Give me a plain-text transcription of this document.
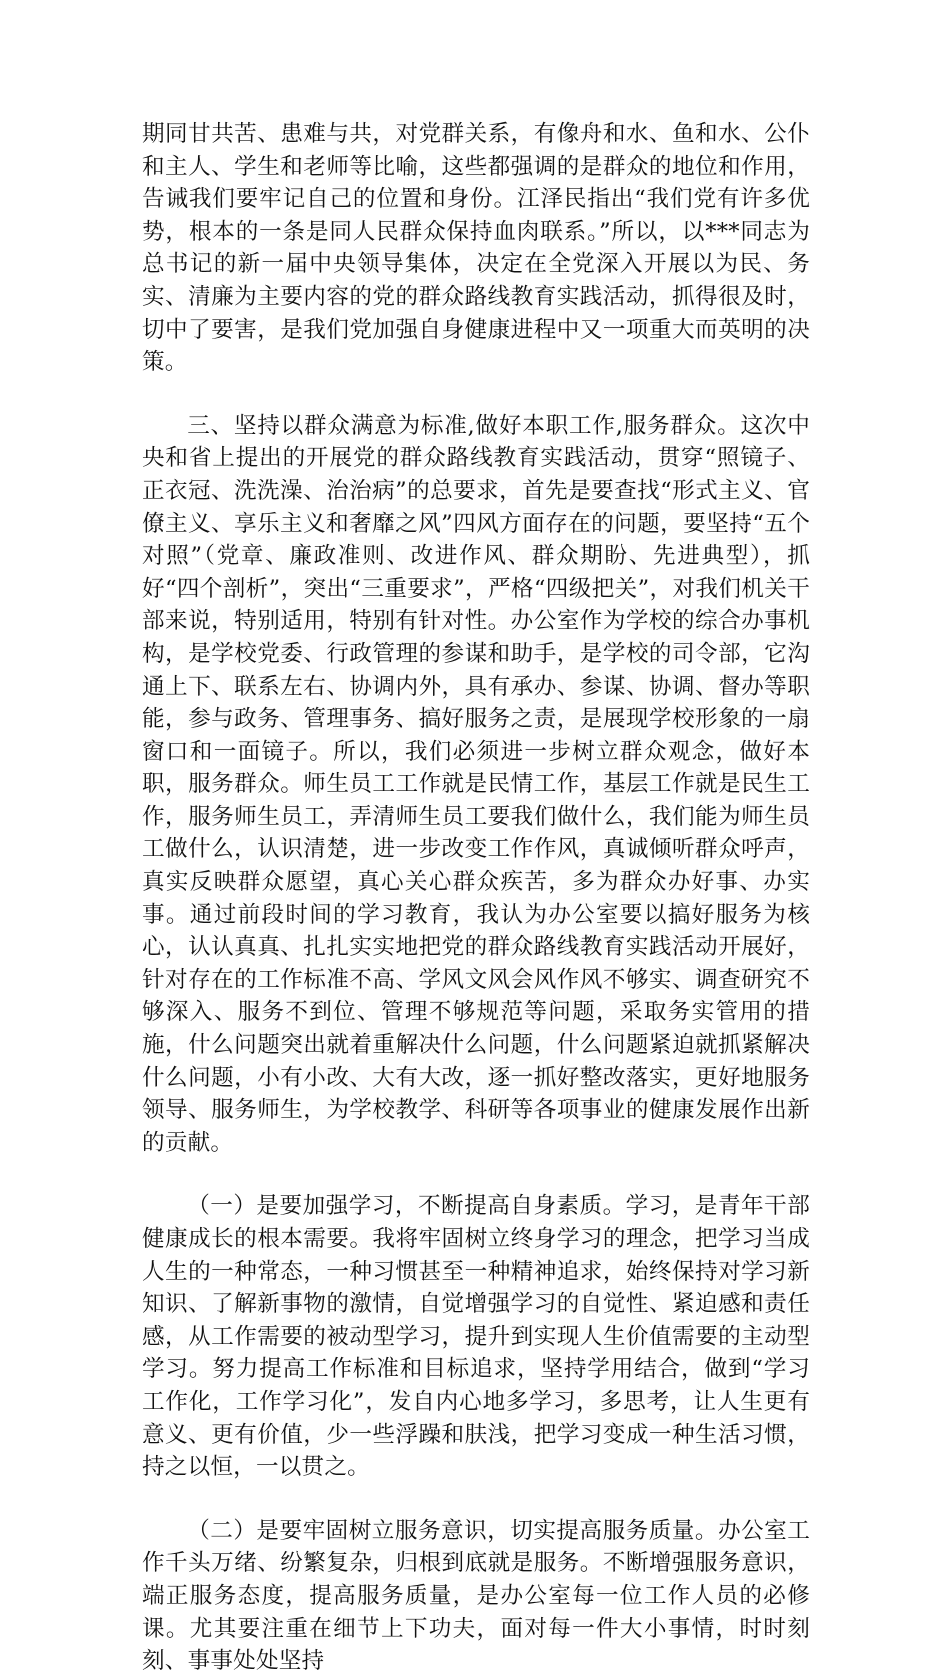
期同甘共苦、患难与共，对党群关系，有像舟和水、鱼和水、公仆和主人、学生和老师等比喻，这些都强调的是群众的地位和作用，告诫我们要牢记自己的位置和身份。江泽民指出“我们党有许多优势，根本的一条是同人民群众保持血肉联系。”所以，以***同志为总书记的新一届中央领导集体，决定在全党深入开展以为民、务实、清廉为主要内容的党的群众路线教育实践活动，抓得很及时，切中了要害，是我们党加强自身健康进程中又一项重大而英明的决策。

三、坚持以群众满意为标准,做好本职工作,服务群众。这次中央和省上提出的开展党的群众路线教育实践活动，贯穿“照镜子、正衣冠、洗洗澡、治治病”的总要求，首先是要查找“形式主义、官僚主义、享乐主义和奢靡之风”四风方面存在的问题，要坚持“五个对照”（党章、廉政准则、改进作风、群众期盼、先进典型），抓好“四个剖析”，突出“三重要求”，严格“四级把关”，对我们机关干部来说，特别适用，特别有针对性。办公室作为学校的综合办事机构，是学校党委、行政管理的参谋和助手，是学校的司令部，它沟通上下、联系左右、协调内外，具有承办、参谋、协调、督办等职能，参与政务、管理事务、搞好服务之责，是展现学校形象的一扇窗口和一面镜子。所以，我们必须进一步树立群众观念，做好本职，服务群众。师生员工工作就是民情工作，基层工作就是民生工作，服务师生员工，弄清师生员工要我们做什么，我们能为师生员工做什么，认识清楚，进一步改变工作作风，真诚倾听群众呼声，真实反映群众愿望，真心关心群众疾苦，多为群众办好事、办实事。通过前段时间的学习教育，我认为办公室要以搞好服务为核心，认认真真、扎扎实实地把党的群众路线教育实践活动开展好，针对存在的工作标准不高、学风文风会风作风不够实、调查研究不够深入、服务不到位、管理不够规范等问题，采取务实管用的措施，什么问题突出就着重解决什么问题，什么问题紧迫就抓紧解决什么问题，小有小改、大有大改，逐一抓好整改落实，更好地服务领导、服务师生，为学校教学、科研等各项事业的健康发展作出新的贡献。

（一）是要加强学习，不断提高自身素质。学习，是青年干部健康成长的根本需要。我将牢固树立终身学习的理念，把学习当成人生的一种常态，一种习惯甚至一种精神追求，始终保持对学习新知识、了解新事物的激情，自觉增强学习的自觉性、紧迫感和责任感，从工作需要的被动型学习，提升到实现人生价值需要的主动型学习。努力提高工作标准和目标追求，坚持学用结合，做到“学习工作化，工作学习化”，发自内心地多学习，多思考，让人生更有意义、更有价值，少一些浮躁和肤浅，把学习变成一种生活习惯，持之以恒，一以贯之。

（二）是要牢固树立服务意识，切实提高服务质量。办公室工作千头万绪、纷繁复杂，归根到底就是服务。不断增强服务意识，端正服务态度，提高服务质量，是办公室每一位工作人员的必修课。尤其要注重在细节上下功夫，面对每一件大小事情，时时刻刻、事事处处坚持
